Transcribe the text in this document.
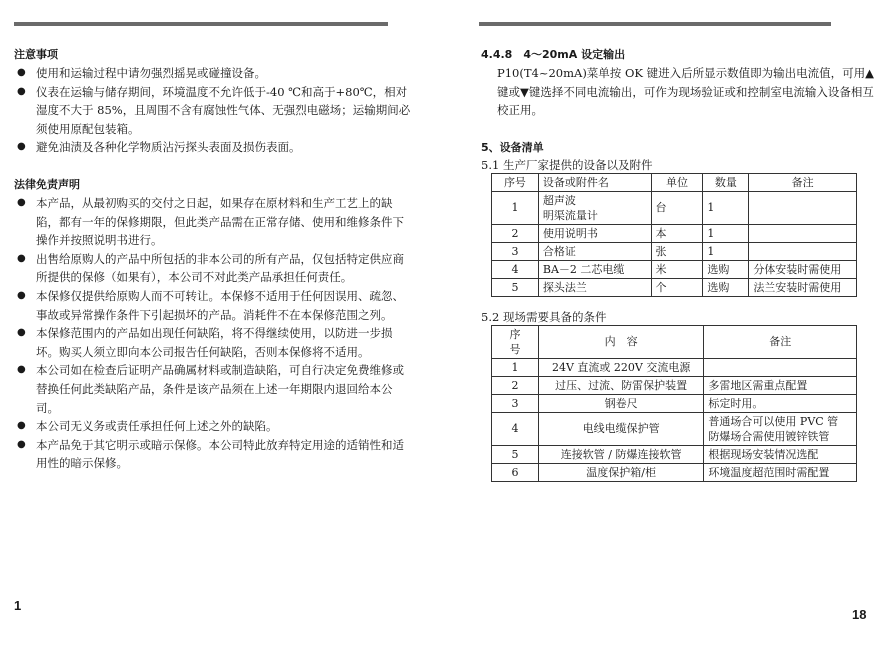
注意事项
● 使用和运输过程中请勿强烈摇晃或碰撞设备。
● 仪表在运输与储存期间，环境温度不允许低于-40 ℃和高于+80℃，相对湿度不大于 85%，且周围不含有腐蚀性气体、无强烈电磁场；运输期间必须使用原配包装箱。
● 避免油渍及各种化学物质沾污探头表面及损伤表面。
法律免责声明
● 本产品，从最初购买的交付之日起，如果存在原材料和生产工艺上的缺陷，都有一年的保修期限，但此类产品需在正常存储、使用和维修条件下操作并按照说明书进行。
● 出售给原购人的产品中所包括的非本公司的所有产品，仅包括特定供应商所提供的保修（如果有），本公司不对此类产品承担任何责任。
● 本保修仅提供给原购人而不可转让。本保修不适用于任何因误用、疏忽、事故或异常操作条件下引起损坏的产品。消耗件不在本保修范围之列。
● 本保修范围内的产品如出现任何缺陷，将不得继续使用，以防进一步损坏。购买人须立即向本公司报告任何缺陷，否则本保修将不适用。
● 本公司如在检查后证明产品确属材料或制造缺陷，可自行决定免费维修或替换任何此类缺陷产品，条件是该产品须在上述一年期限内退回给本公司。
● 本公司无义务或责任承担任何上述之外的缺陷。
● 本产品免于其它明示或暗示保修。本公司特此放弃特定用途的适销性和适用性的暗示保修。
4.4.8　4～20mA 设定输出
P10(T4~20mA)菜单按 OK 键进入后所显示数值即为输出电流值，可用▲键或▼键选择不同电流输出，可作为现场验证或和控制室电流输入设备相互校正用。
5、设备清单
5.1 生产厂家提供的设备以及附件
序号	设备或附件名	单位	数量	备注
1	超声波
明渠流量计	台	1	
2	使用说明书	本	1	
3	合格证	张	1	
4	BA－2 二芯电缆	米	选购	分体安装时需使用
5	探头法兰	个	选购	法兰安装时需使用
5.2 现场需要具备的条件
序
号	内　容	备注
1	24V 直流或 220V 交流电源	
2	过压、过流、防雷保护装置	多雷地区需重点配置
3	钢卷尺	标定时用。
4	电线电缆保护管	普通场合可以使用 PVC 管
防爆场合需使用镀锌铁管
5	连接软管 / 防爆连接软管	根据现场安装情况选配
6	温度保护箱/柜	环境温度超范围时需配置
1
18
